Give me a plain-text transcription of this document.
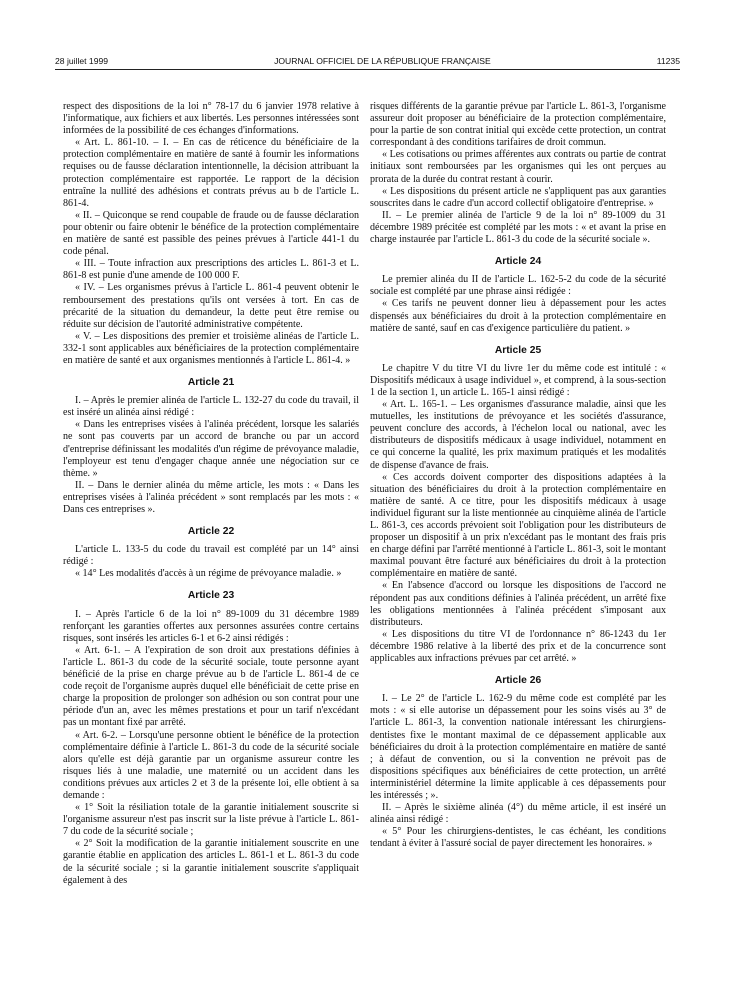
28 juillet 1999	JOURNAL OFFICIEL DE LA RÉPUBLIQUE FRANÇAISE	11235

respect des dispositions de la loi n° 78-17 du 6 janvier 1978 relative à l'informatique, aux fichiers et aux libertés. Les personnes intéressées sont informées de la possibilité de ces échanges d'informations.

« Art. L. 861-10. – I. – En cas de réticence du bénéficiaire de la protection complémentaire en matière de santé à fournir les informations requises ou de fausse déclaration intentionnelle, la décision attribuant la protection complémentaire est rapportée. Le rapport de la décision entraîne la nullité des adhésions et contrats prévus au b de l'article L. 861-4.

« II. – Quiconque se rend coupable de fraude ou de fausse déclaration pour obtenir ou faire obtenir le bénéfice de la protection complémentaire en matière de santé est passible des peines prévues à l'article 441-1 du code pénal.

« III. – Toute infraction aux prescriptions des articles L. 861-3 et L. 861-8 est punie d'une amende de 100 000 F.

« IV. – Les organismes prévus à l'article L. 861-4 peuvent obtenir le remboursement des prestations qu'ils ont versées à tort. En cas de précarité de la situation du demandeur, la dette peut être remise ou réduite sur décision de l'autorité administrative compétente.

« V. – Les dispositions des premier et troisième alinéas de l'article L. 332-1 sont applicables aux bénéficiaires de la protection complémentaire en matière de santé et aux organismes mentionnés à l'article L. 861-4. »

Article 21

I. – Après le premier alinéa de l'article L. 132-27 du code du travail, il est inséré un alinéa ainsi rédigé :

« Dans les entreprises visées à l'alinéa précédent, lorsque les salariés ne sont pas couverts par un accord de branche ou par un accord d'entreprise définissant les modalités d'un régime de prévoyance maladie, l'employeur est tenu d'engager chaque année une négociation sur ce thème. »

II. – Dans le dernier alinéa du même article, les mots : « Dans les entreprises visées à l'alinéa précédent » sont remplacés par les mots : « Dans ces entreprises ».

Article 22

L'article L. 133-5 du code du travail est complété par un 14° ainsi rédigé :

« 14° Les modalités d'accès à un régime de prévoyance maladie. »

Article 23

I. – Après l'article 6 de la loi n° 89-1009 du 31 décembre 1989 renforçant les garanties offertes aux personnes assurées contre certains risques, sont insérés les articles 6-1 et 6-2 ainsi rédigés :

« Art. 6-1. – A l'expiration de son droit aux prestations définies à l'article L. 861-3 du code de la sécurité sociale, toute personne ayant bénéficié de la prise en charge prévue au b de l'article L. 861-4 de ce code reçoit de l'organisme auprès duquel elle bénéficiait de cette prise en charge la proposition de prolonger son adhésion ou son contrat pour une période d'un an, avec les mêmes prestations et pour un tarif n'excédant pas un montant fixé par arrêté.

« Art. 6-2. – Lorsqu'une personne obtient le bénéfice de la protection complémentaire définie à l'article L. 861-3 du code de la sécurité sociale alors qu'elle est déjà garantie par un organisme assureur contre les risques liés à une maladie, une maternité ou un accident dans les conditions prévues aux articles 2 et 3 de la présente loi, elle obtient à sa demande :

« 1° Soit la résiliation totale de la garantie initialement souscrite si l'organisme assureur n'est pas inscrit sur la liste prévue à l'article L. 861-7 du code de la sécurité sociale ;

« 2° Soit la modification de la garantie initialement souscrite en une garantie établie en application des articles L. 861-1 et L. 861-3 du code de la sécurité sociale ; si la garantie initialement souscrite s'appliquait également à des

risques différents de la garantie prévue par l'article L. 861-3, l'organisme assureur doit proposer au bénéficiaire de la protection complémentaire, pour la partie de son contrat initial qui excède cette protection, un contrat correspondant à des conditions tarifaires de droit commun.

« Les cotisations ou primes afférentes aux contrats ou partie de contrat initiaux sont remboursées par les organismes qui les ont perçues au prorata de la durée du contrat restant à courir.

« Les dispositions du présent article ne s'appliquent pas aux garanties souscrites dans le cadre d'un accord collectif obligatoire d'entreprise. »

II. – Le premier alinéa de l'article 9 de la loi n° 89-1009 du 31 décembre 1989 précitée est complété par les mots : « et avant la prise en charge instaurée par l'article L. 861-3 du code de la sécurité sociale ».

Article 24

Le premier alinéa du II de l'article L. 162-5-2 du code de la sécurité sociale est complété par une phrase ainsi rédigée :

« Ces tarifs ne peuvent donner lieu à dépassement pour les actes dispensés aux bénéficiaires du droit à la protection complémentaire en matière de santé, sauf en cas d'exigence particulière du patient. »

Article 25

Le chapitre V du titre VI du livre 1er du même code est intitulé : « Dispositifs médicaux à usage individuel », et comprend, à la sous-section 1 de la section 1, un article L. 165-1 ainsi rédigé :

« Art. L. 165-1. – Les organismes d'assurance maladie, ainsi que les mutuelles, les institutions de prévoyance et les sociétés d'assurance, peuvent conclure des accords, à l'échelon local ou national, avec les distributeurs de dispositifs médicaux à usage individuel, notamment en ce qui concerne la qualité, les prix maximum pratiqués et les modalités de dispense d'avance de frais.

« Ces accords doivent comporter des dispositions adaptées à la situation des bénéficiaires du droit à la protection complémentaire en matière de santé. A ce titre, pour les dispositifs médicaux à usage individuel figurant sur la liste mentionnée au cinquième alinéa de l'article L. 861-3, ces accords prévoient soit l'obligation pour les distributeurs de proposer un dispositif à un prix n'excédant pas le montant des frais pris en charge défini par l'arrêté mentionné à l'article L. 861-3, soit le montant maximal pouvant être facturé aux bénéficiaires du droit à la protection complémentaire en matière de santé.

« En l'absence d'accord ou lorsque les dispositions de l'accord ne répondent pas aux conditions définies à l'alinéa précédent, un arrêté fixe les obligations mentionnées à l'alinéa précédent s'imposant aux distributeurs.

« Les dispositions du titre VI de l'ordonnance n° 86-1243 du 1er décembre 1986 relative à la liberté des prix et de la concurrence sont applicables aux infractions prévues par cet arrêté. »

Article 26

I. – Le 2° de l'article L. 162-9 du même code est complété par les mots : « si elle autorise un dépassement pour les soins visés au 3° de l'article L. 861-3, la convention nationale intéressant les chirurgiens-dentistes fixe le montant maximal de ce dépassement applicable aux bénéficiaires du droit à la protection complémentaire en matière de santé ; à défaut de convention, ou si la convention ne prévoit pas de dispositions spécifiques aux bénéficiaires de cette protection, un arrêté interministériel détermine la limite applicable à ces dépassements pour les intéressés ; ».

II. – Après le sixième alinéa (4°) du même article, il est inséré un alinéa ainsi rédigé :

« 5° Pour les chirurgiens-dentistes, le cas échéant, les conditions tendant à éviter à l'assuré social de payer directement les honoraires. »
